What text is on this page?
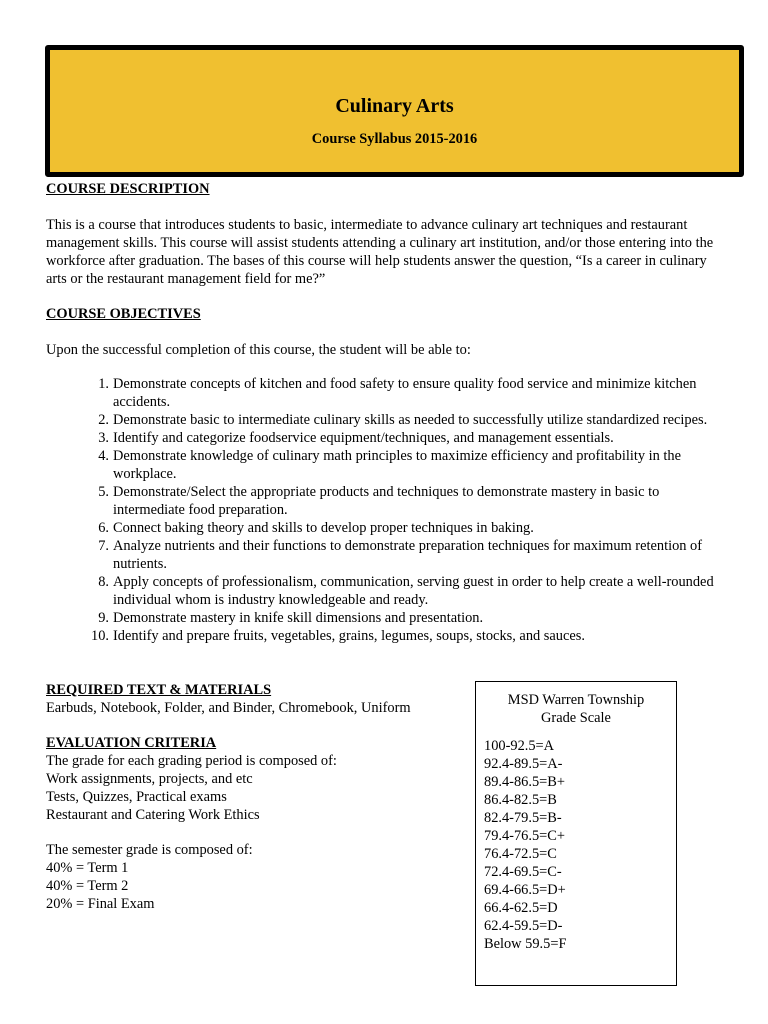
Culinary Arts
Course Syllabus 2015-2016
COURSE DESCRIPTION
This is a course that introduces students to basic, intermediate to advance culinary art techniques and restaurant management skills. This course will assist students attending a culinary art institution, and/or those entering into the workforce after graduation. The bases of this course will help students answer the question, “Is a career in culinary arts or the restaurant management field for me?”
COURSE OBJECTIVES
Upon the successful completion of this course, the student will be able to:
1. Demonstrate concepts of kitchen and food safety to ensure quality food service and minimize kitchen accidents.
2. Demonstrate basic to intermediate culinary skills as needed to successfully utilize standardized recipes.
3. Identify and categorize foodservice equipment/techniques, and management essentials.
4. Demonstrate knowledge of culinary math principles to maximize efficiency and profitability in the workplace.
5. Demonstrate/Select the appropriate products and techniques to demonstrate mastery in basic to intermediate food preparation.
6. Connect baking theory and skills to develop proper techniques in baking.
7. Analyze nutrients and their functions to demonstrate preparation techniques for maximum retention of nutrients.
8. Apply concepts of professionalism, communication, serving guest in order to help create a well-rounded individual whom is industry knowledgeable and ready.
9. Demonstrate mastery in knife skill dimensions and presentation.
10. Identify and prepare fruits, vegetables, grains, legumes, soups, stocks, and sauces.
REQUIRED TEXT & MATERIALS
Earbuds, Notebook, Folder, and Binder, Chromebook, Uniform
EVALUATION CRITERIA
The grade for each grading period is composed of:
Work assignments, projects, and etc
Tests, Quizzes, Practical exams
Restaurant and Catering Work Ethics
The semester grade is composed of:
40% = Term 1
40% = Term 2
20% = Final Exam
MSD Warren Township
Grade Scale
100-92.5=A
92.4-89.5=A-
89.4-86.5=B+
86.4-82.5=B
82.4-79.5=B-
79.4-76.5=C+
76.4-72.5=C
72.4-69.5=C-
69.4-66.5=D+
66.4-62.5=D
62.4-59.5=D-
Below 59.5=F
